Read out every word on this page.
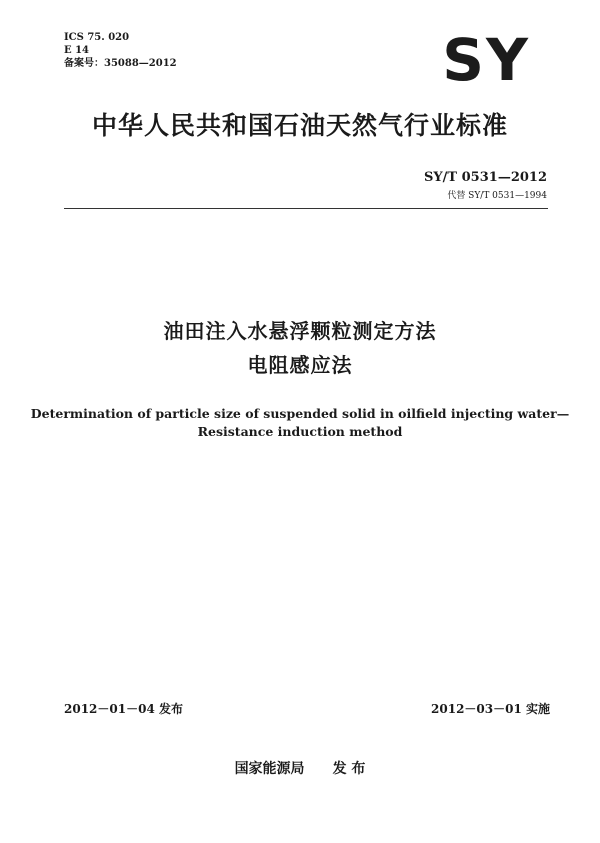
ICS 75. 020
E 14
备案号：35088—2012	SY
中华人民共和国石油天然气行业标准
SY/T 0531—2012
代替 SY/T 0531—1994
油田注入水悬浮颗粒测定方法
电阻感应法
Determination of particle size of suspended solid in oilfield injecting water—
Resistance induction method
2012－01－04 发布	2012－03－01 实施
国家能源局 发 布
